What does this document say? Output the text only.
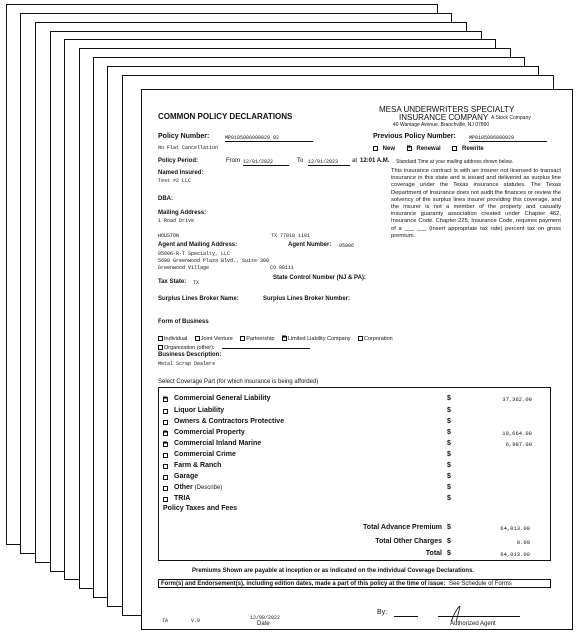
COMMON POLICY DECLARATIONS
MESA UNDERWRITERS SPECIALTY
INSURANCE COMPANY A Stock Company
40 Wantage Avenue, Branchville, NJ 07890
Policy Number:	MP0105006000029 02
No Flat Cancellation
Previous Policy Number:	MP0105006000029
New ×	Renewal	Rewrite
Policy Period:	From 12/01/2022	To 12/01/2023	at 12:01 A.M. Standard Time at your mailing address shown below.
Named Insured:
Test #2 LLC
DBA:
Mailing Address:
1 Road Drive
HOUSTON	TX 77018 1101
Agent and Mailing Address:	Agent Number: 05006
05006-R-T Specialty, LLC
5680 Greenwood Plaza Blvd., Suite 300
Greenwood Village	CO 80111
State Control Number (NJ & PA):
Tax State: TX
Surplus Lines Broker Name:	Surplus Lines Broker Number:
This insurance contract is with an insurer not licensed to transact insurance in this state and is issued and delivered as surplus line coverage under the Texas insurance statutes. The Texas Department of Insurance does not audit the finances or review the solvency of the surplus lines insurer providing this coverage, and the insurer is not a member of the property and casualty insurance guaranty association created under Chapter 462, Insurance Code. Chapter 225, Insurance Code, requires payment of a ___ ___ (insert appropriate tax rate) percent tax on gross premium.
Form of Business
Individual Joint Venture Partnership × Limited Liability Company Corporation
Organization (other):
Business Description:
Metal Scrap Dealers
Select Coverage Part (for which insurance is being afforded)
×
Commercial General Liability	$	37,362.00
Liquor Liability	$
Owners & Contractors Protective	$
×
Commercial Property	$	19,664.00
×
Commercial Inland Marine	$	6,987.00
Commercial Crime	$
Farm & Ranch	$
Garage	$
Other (Describe)	$
TRIA	$
Policy Taxes and Fees
Total Advance Premium $	64,013.00
Total Other Charges $	0.00
Total $	64,013.00
Premiums Shown are payable at inception or as indicated on the individual Coverage Declarations.
Form(s) and Endorsement(s), including edition dates, made a part of this policy at the time of issue: See Schedule of Forms
TA	V.0	12/08/2022
Date
By:
Authorized Agent
